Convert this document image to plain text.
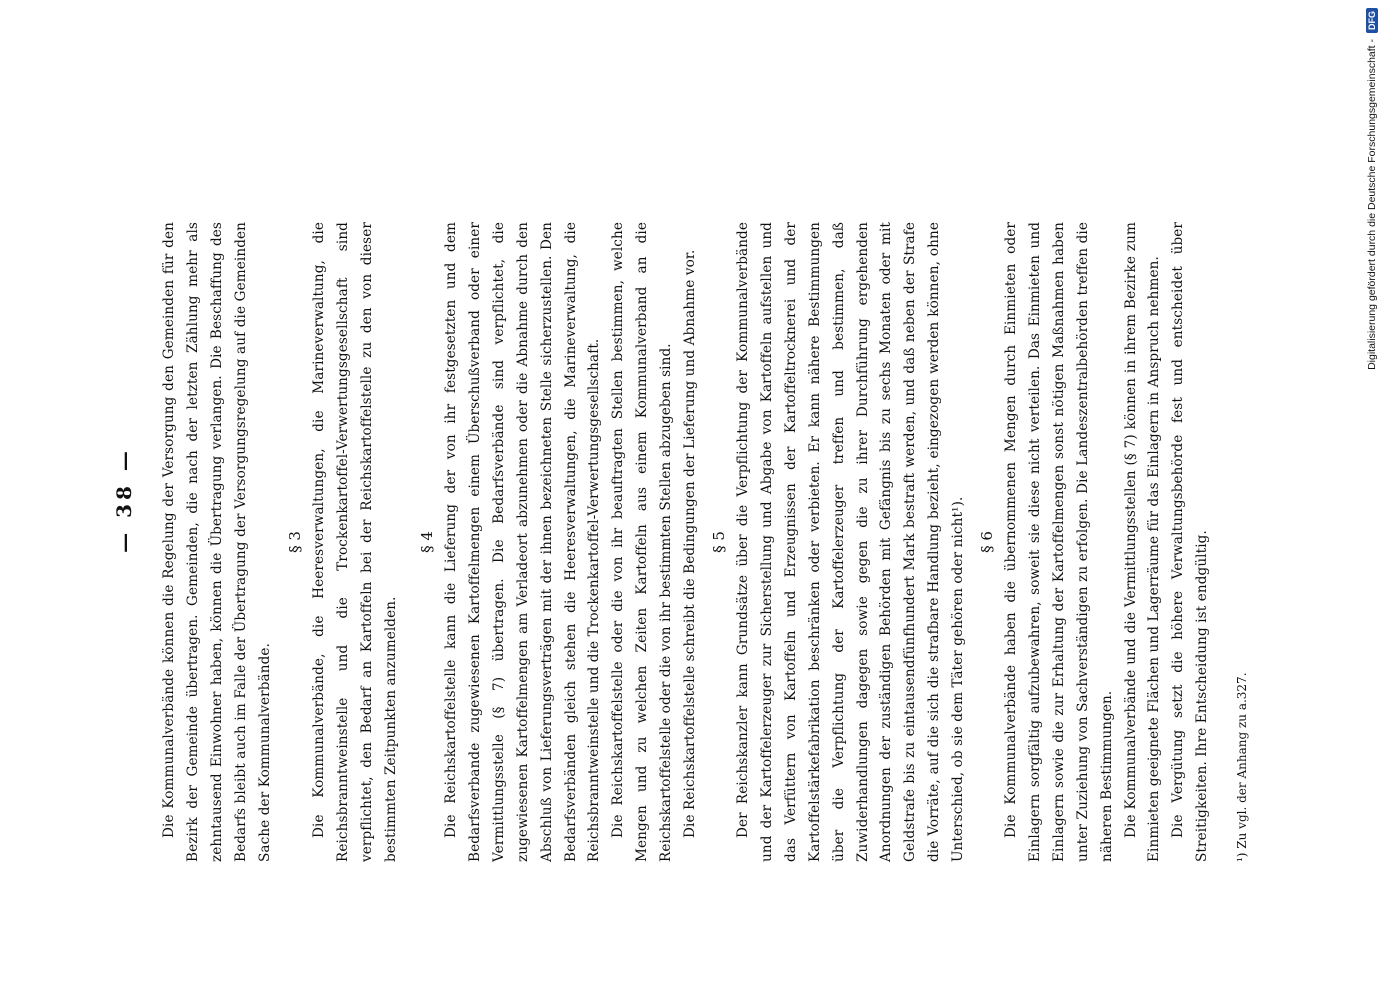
— 38 — Die Kommunalverbände können die Regelung der Versorgung den Gemeinden für den Bezirk der Gemeinde übertragen. Gemeinden, die nach der letzten Zählung mehr als zehntausend Einwohner haben, können die Übertragung verlangen. Die Beschaffung des Bedarfs bleibt auch im Falle der Übertragung der Versorgungsregelung auf die Gemeinden Sache der Kommunalverbände.

§ 3 Die Kommunalverbände, die Heeresverwaltungen, die Marineverwaltung, die Reichsbranntweinstelle und die Trockenkartoffel-Verwertungsgesellschaft sind verpflichtet, den Bedarf an Kartoffeln bei der Reichskartoffelstelle zu den von dieser bestimmten Zeitpunkten anzumelden.

§ 4 Die Reichskartoffelstelle kann die Lieferung der von ihr festgesetzten und dem Bedarfsverbande zugewiesenen Kartoffelmengen einem Überschußverband oder einer Vermittlungsstelle (§ 7) übertragen. Die Bedarfsverbände sind verpflichtet, die zugewiesenen Kartoffelmengen am Verladeort abzunehmen oder die Abnahme durch den Abschluß von Lieferungsverträgen mit der ihnen bezeichneten Stelle sicherzustellen. Den Bedarfsverbänden gleich stehen die Heeresverwaltungen, die Marineverwaltung, die Reichsbranntweinstelle und die Trockenkartoffel-Verwertungsgesellschaft. Die Reichskartoffelstelle oder die von ihr beauftragten Stellen bestimmen, welche Mengen und zu welchen Zeiten Kartoffeln aus einem Kommunalverband an die Reichskartoffelstelle oder die von ihr bestimmten Stellen abzugeben sind. Die Reichskartoffelstelle schreibt die Bedingungen der Lieferung und Abnahme vor. § 5 Der Reichskanzler kann Grundsätze über die Verpflichtung der Kommunalverbände und der Kartoffelerzeuger zur Sicherstellung und Abgabe von Kartoffeln aufstellen und das Verfüttern von Kartoffeln und Erzeugnissen der Kartoffeltrocknerei und der Kartoffelstärkefabrikation beschränken oder verbieten. Er kann nähere Bestimmungen über die Verpflichtung der Kartoffelerzeuger treffen und bestimmen, daß Zuwiderhandlungen dagegen sowie gegen die zu ihrer Durchführung ergehenden Anordnungen der zuständigen Behörden mit Gefängnis bis zu sechs Monaten oder mit Geldstrafe bis zu eintausendfünfhundert Mark bestraft werden, und daß neben der Strafe die Vorräte, auf die sich die strafbare Handlung bezieht, eingezogen werden können, ohne Unterschied, ob sie dem Täter gehören oder nicht¹). § 6 Die Kommunalverbände haben die übernommenen Mengen durch Einmieten oder Einlagern sorgfältig aufzubewahren, soweit sie diese nicht verteilen. Das Einmieten und Einlagern sowie die zur Erhaltung der Kartoffelmengen sonst nötigen Maßnahmen haben unter Zuziehung von Sachverständigen zu erfolgen. Die Landeszentralbehörden treffen die näheren Bestimmungen. Die Kommunalverbände und die Vermittlungsstellen (§ 7) können in ihrem Bezirke zum Einmieten geeignete Flächen und Lagerräume für das Einlagern in Anspruch nehmen. Die Vergütung setzt die höhere Verwaltungsbehörde fest und entscheidet über Streitigkeiten. Ihre Entscheidung ist endgültig.	¹) Zu vgl. der Anhang zu a.327.

Digitalisierung gefördert durch die Deutsche Forschungsgemeinschaft -
DFG
